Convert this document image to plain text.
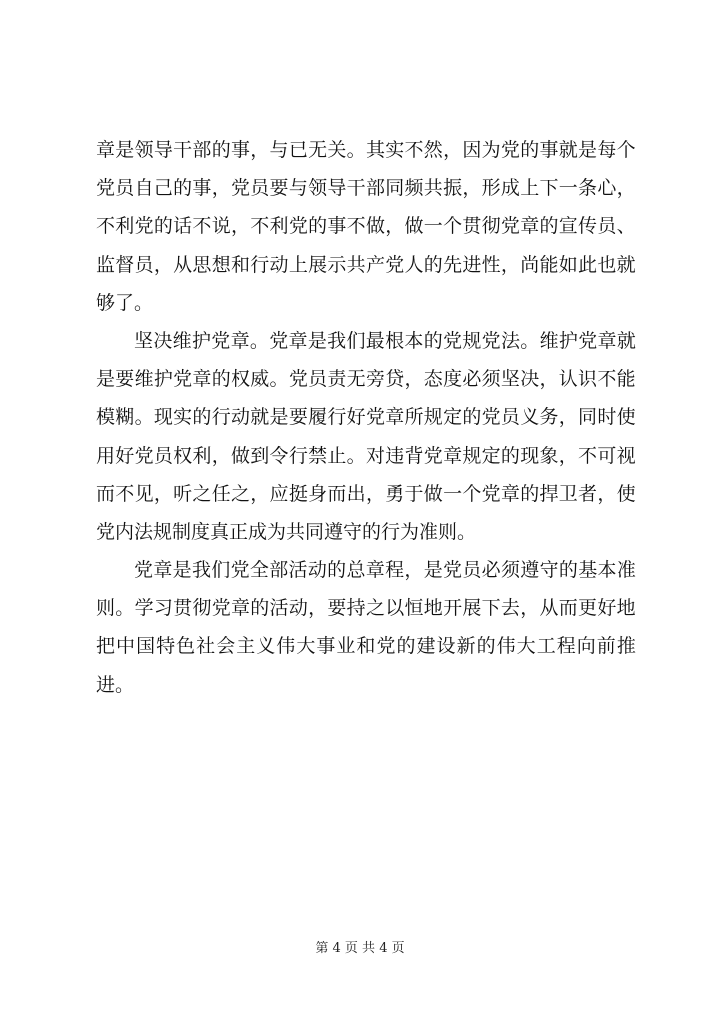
章 是 领 导 干 部 的 事 ， 与 已 无 关 。 其 实 不 然 ， 因 为 党 的 事 就 是 每 个
党 员 自 己 的 事 ， 党 员 要 与 领 导 干 部 同 频 共 振 ， 形 成 上 下 一 条 心 ，
不 利 党 的 话 不 说 ， 不 利 党 的 事 不 做 ， 做 一 个 贯 彻 党 章 的 宣 传 员 、
监 督 员 ， 从 思 想 和 行 动 上 展 示 共 产 党 人 的 先 进 性 ， 尚 能 如 此 也 就
够了。
坚 决 维 护 党 章 。 党 章 是 我 们 最 根 本 的 党 规 党 法 。 维 护 党 章 就
是 要 维 护 党 章 的 权 威 。 党 员 责 无 旁 贷 ， 态 度 必 须 坚 决 ， 认 识 不 能
模 糊 。 现 实 的 行 动 就 是 要 履 行 好 党 章 所 规 定 的 党 员 义 务 ， 同 时 使
用 好 党 员 权 利 ， 做 到 令 行 禁 止 。 对 违 背 党 章 规 定 的 现 象 ， 不 可 视
而 不 见 ， 听 之 任 之 ， 应 挺 身 而 出 ， 勇 于 做 一 个 党 章 的 捍 卫 者 ， 使
党内法规制度真正成为共同遵守的行为准则。
党 章 是 我 们 党 全 部 活 动 的 总 章 程 ， 是 党 员 必 须 遵 守 的 基 本 准
则 。 学 习 贯 彻 党 章 的 活 动 ， 要 持 之 以 恒 地 开 展 下 去 ， 从 而 更 好 地
把 中 国 特 色 社 会 主 义 伟 大 事 业 和 党 的 建 设 新 的 伟 大 工 程 向 前 推
进。
第 4 页 共 4 页
